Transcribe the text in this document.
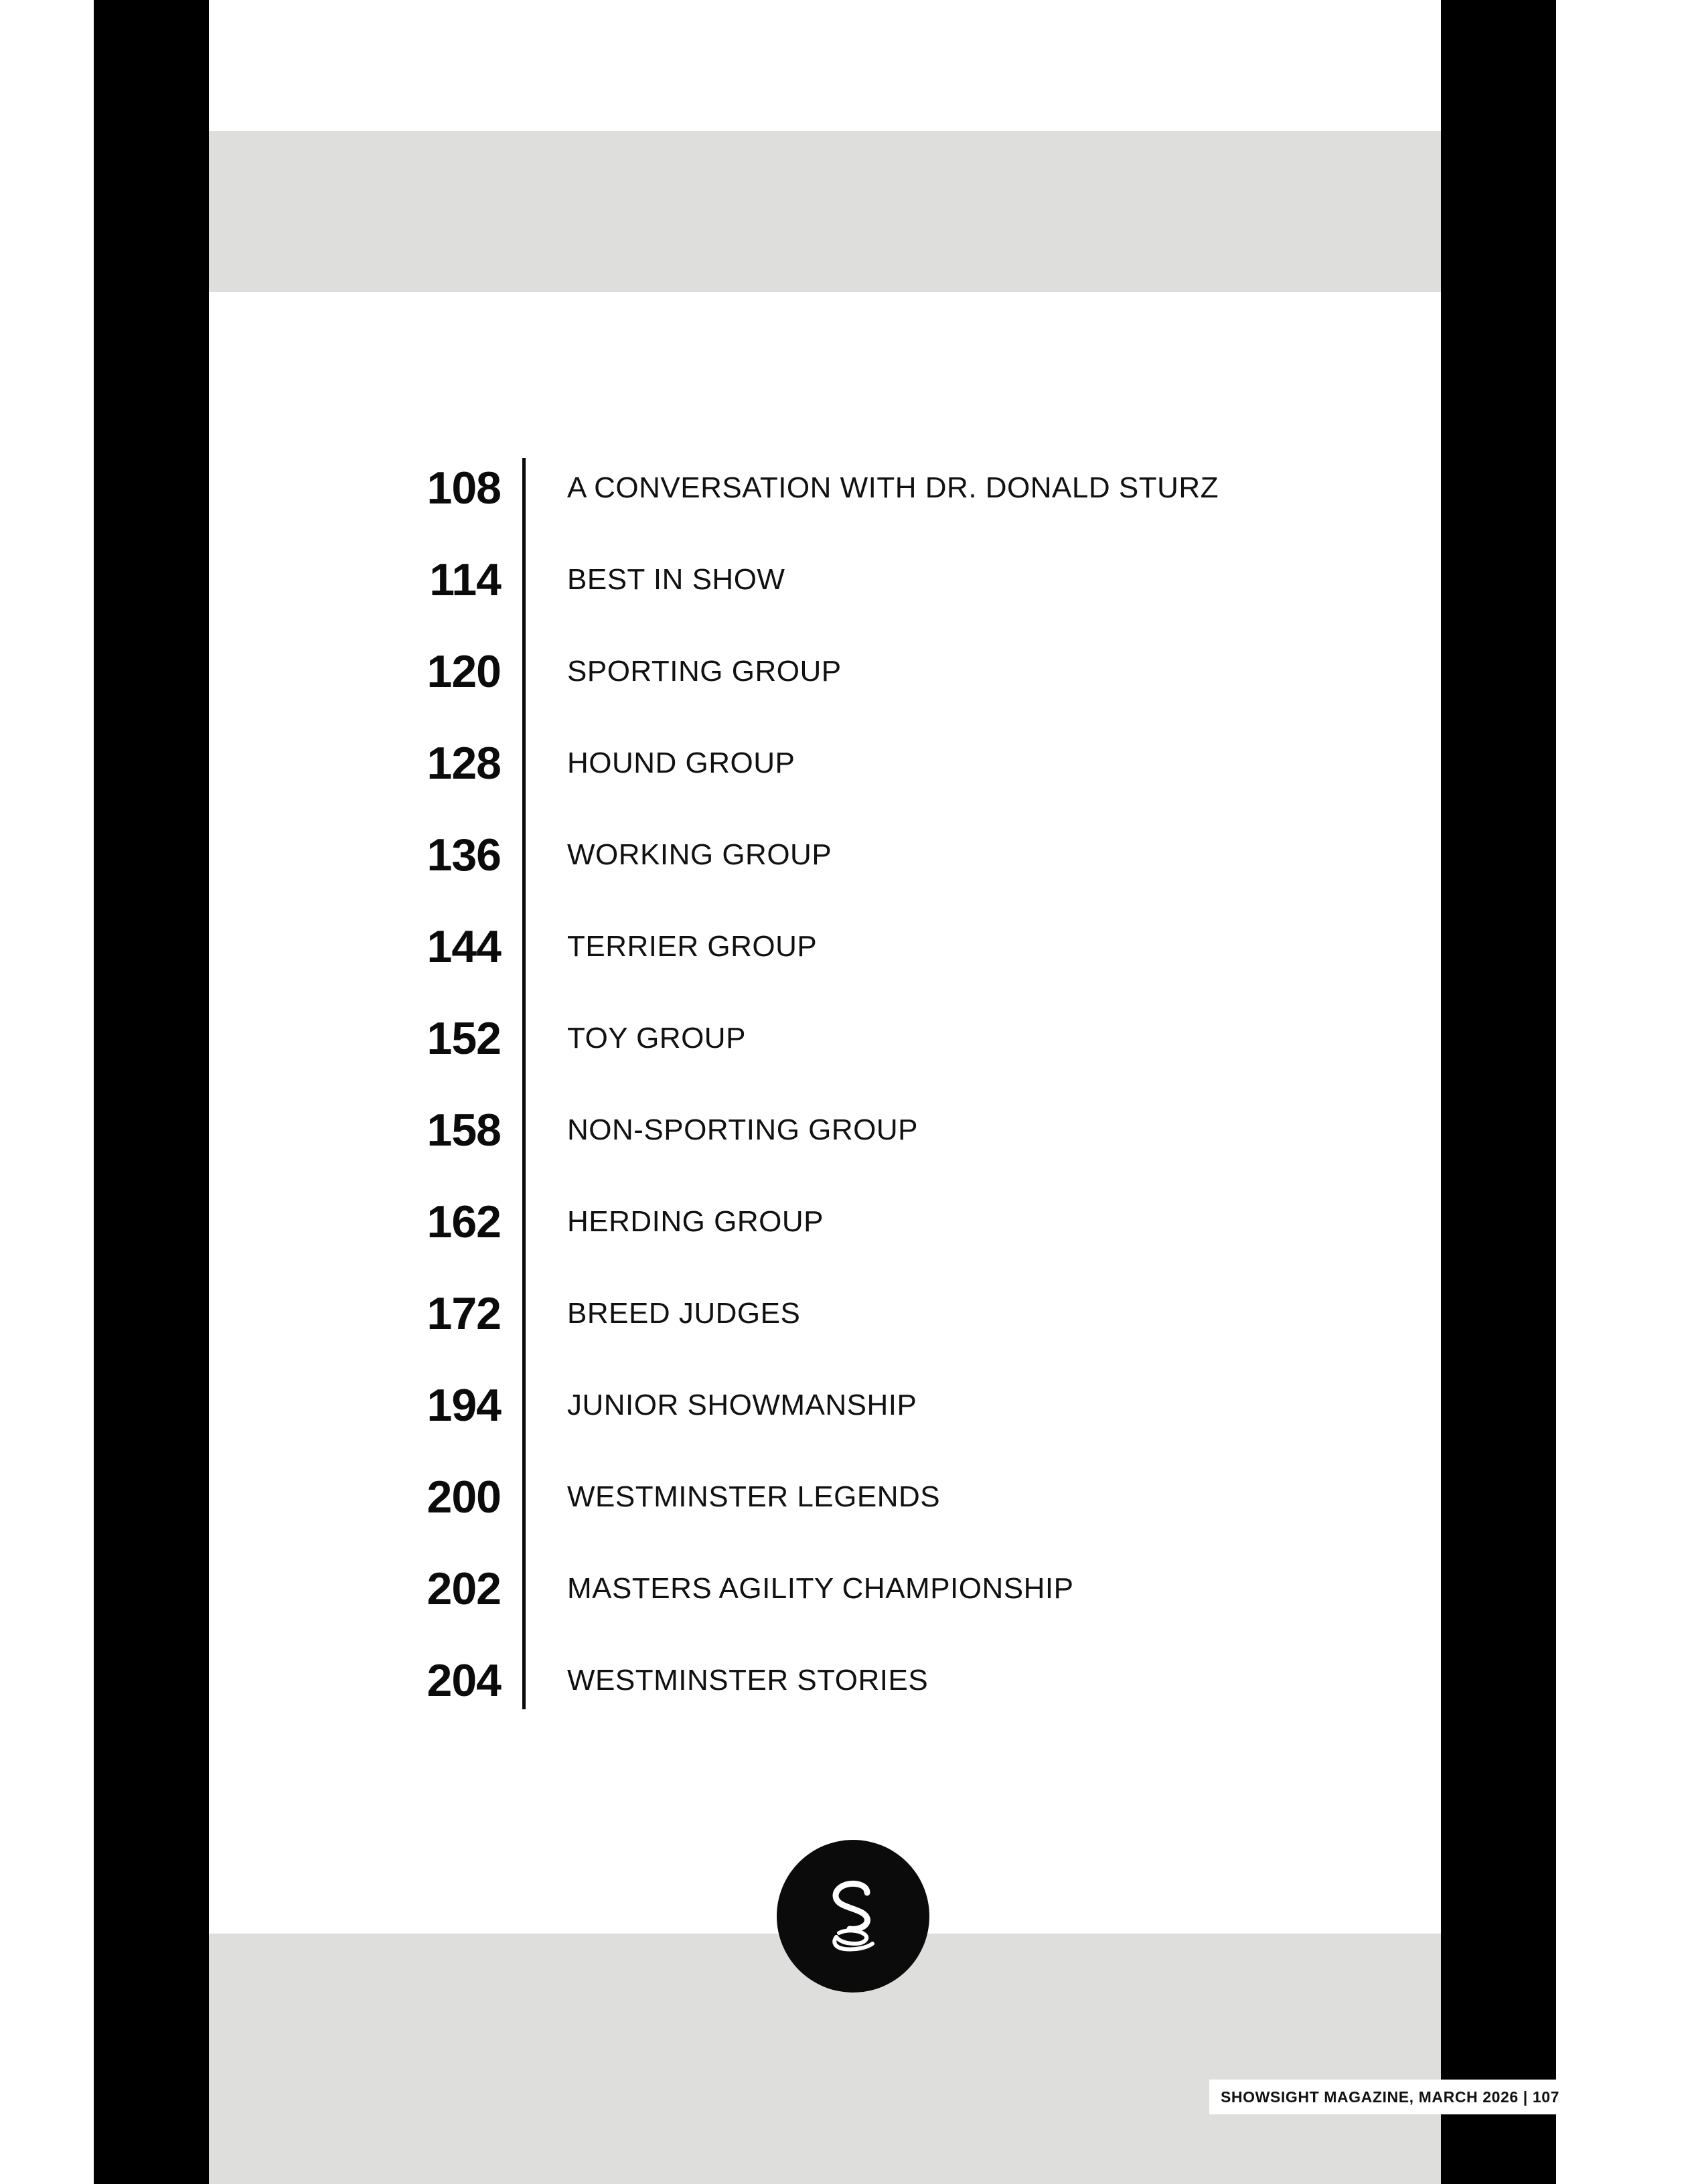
108	A CONVERSATION WITH DR. DONALD STURZ
114	BEST IN SHOW
120	SPORTING GROUP
128	HOUND GROUP
136	WORKING GROUP
144	TERRIER GROUP
152	TOY GROUP
158	NON-SPORTING GROUP
162	HERDING GROUP
172	BREED JUDGES
194	JUNIOR SHOWMANSHIP
200	WESTMINSTER LEGENDS
202	MASTERS AGILITY CHAMPIONSHIP
204	WESTMINSTER STORIES
SHOWSIGHT MAGAZINE, MARCH 2026 | 107
